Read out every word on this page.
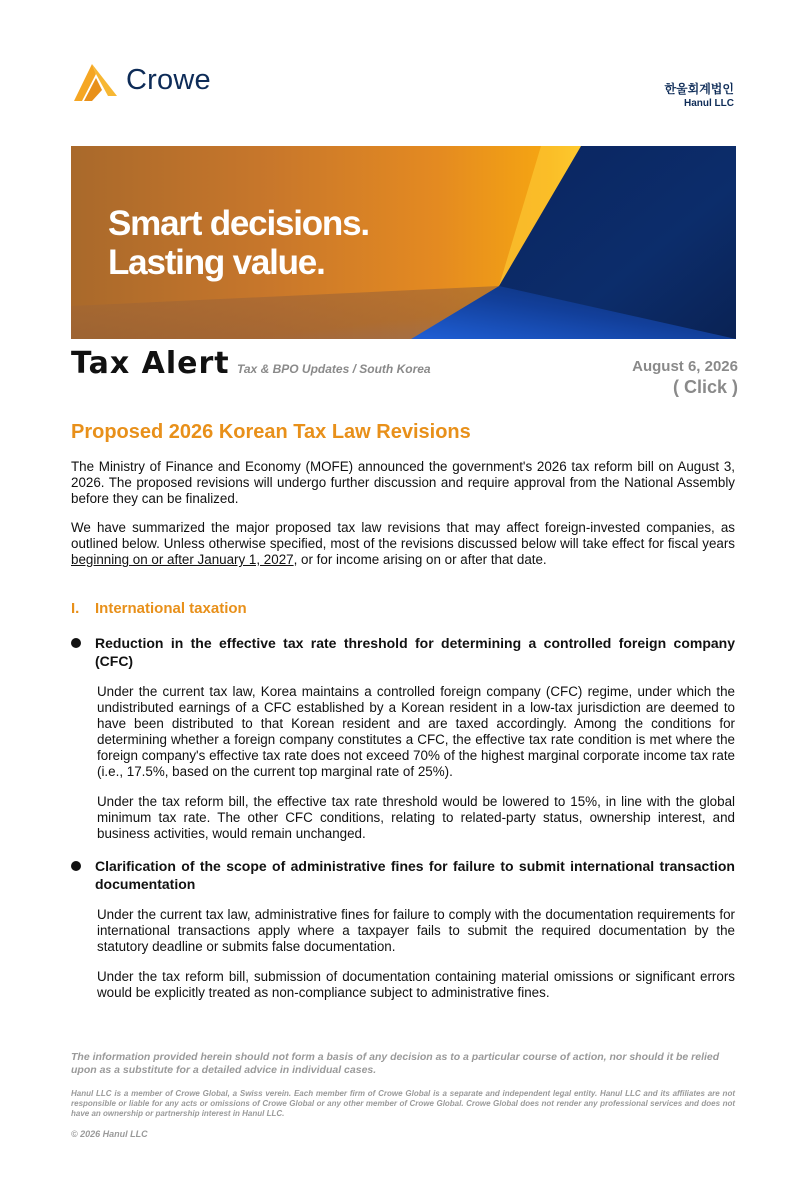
Crowe	한울회계법인
Hanul LLC
Smart decisions.
Lasting value.
Tax Alert Tax & BPO Updates / South Korea	August 6, 2026
( Click )
Proposed 2026 Korean Tax Law Revisions
The Ministry of Finance and Economy (MOFE) announced the government's 2026 tax reform bill on August 3, 2026. The proposed revisions will undergo further discussion and require approval from the National Assembly before they can be finalized.
We have summarized the major proposed tax law revisions that may affect foreign-invested companies, as outlined below. Unless otherwise specified, most of the revisions discussed below will take effect for fiscal years beginning on or after January 1, 2027, or for income arising on or after that date.
I. International taxation
Reduction in the effective tax rate threshold for determining a controlled foreign company (CFC)
Under the current tax law, Korea maintains a controlled foreign company (CFC) regime, under which the undistributed earnings of a CFC established by a Korean resident in a low-tax jurisdiction are deemed to have been distributed to that Korean resident and are taxed accordingly. Among the conditions for determining whether a foreign company constitutes a CFC, the effective tax rate condition is met where the foreign company's effective tax rate does not exceed 70% of the highest marginal corporate income tax rate (i.e., 17.5%, based on the current top marginal rate of 25%).
Under the tax reform bill, the effective tax rate threshold would be lowered to 15%, in line with the global minimum tax rate. The other CFC conditions, relating to related-party status, ownership interest, and business activities, would remain unchanged.
Clarification of the scope of administrative fines for failure to submit international transaction documentation
Under the current tax law, administrative fines for failure to comply with the documentation requirements for international transactions apply where a taxpayer fails to submit the required documentation by the statutory deadline or submits false documentation.
Under the tax reform bill, submission of documentation containing material omissions or significant errors would be explicitly treated as non-compliance subject to administrative fines.
The information provided herein should not form a basis of any decision as to a particular course of action, nor should it be relied upon as a substitute for a detailed advice in individual cases.
Hanul LLC is a member of Crowe Global, a Swiss verein. Each member firm of Crowe Global is a separate and independent legal entity. Hanul LLC and its affiliates are not responsible or liable for any acts or omissions of Crowe Global or any other member of Crowe Global. Crowe Global does not render any professional services and does not have an ownership or partnership interest in Hanul LLC.
© 2026 Hanul LLC
